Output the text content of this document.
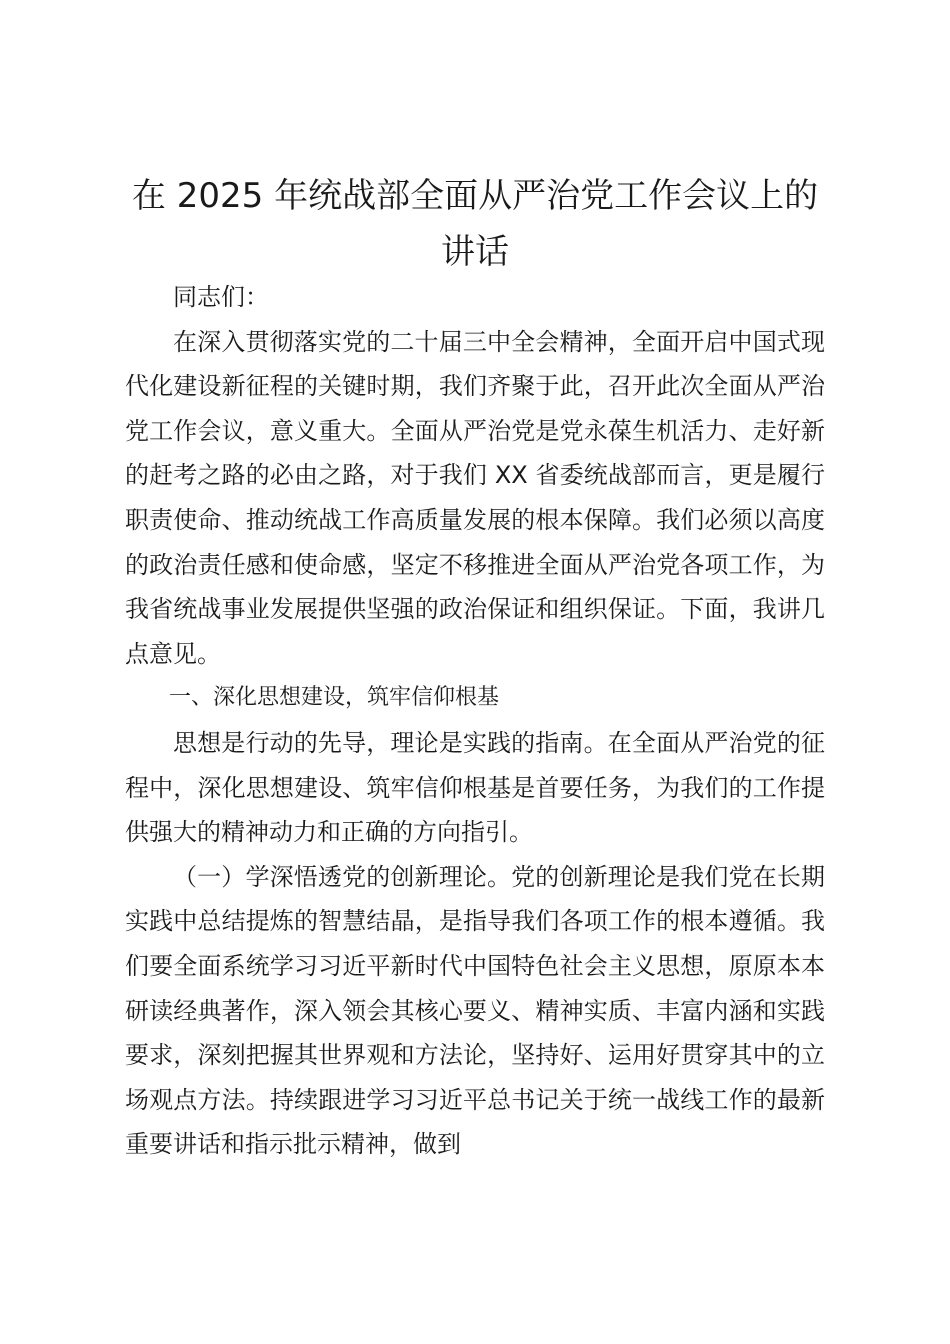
在 2025 年统战部全面从严治党工作会议上的讲话

同志们：

在深入贯彻落实党的二十届三中全会精神，全面开启中国式现代化建设新征程的关键时期，我们齐聚于此，召开此次全面从严治党工作会议，意义重大。全面从严治党是党永葆生机活力、走好新的赶考之路的必由之路，对于我们 XX 省委统战部而言，更是履行职责使命、推动统战工作高质量发展的根本保障。我们必须以高度的政治责任感和使命感，坚定不移推进全面从严治党各项工作，为我省统战事业发展提供坚强的政治保证和组织保证。下面，我讲几点意见。

一、深化思想建设，筑牢信仰根基

思想是行动的先导，理论是实践的指南。在全面从严治党的征程中，深化思想建设、筑牢信仰根基是首要任务，为我们的工作提供强大的精神动力和正确的方向指引。

（一）学深悟透党的创新理论。党的创新理论是我们党在长期实践中总结提炼的智慧结晶，是指导我们各项工作的根本遵循。我们要全面系统学习习近平新时代中国特色社会主义思想，原原本本研读经典著作，深入领会其核心要义、精神实质、丰富内涵和实践要求，深刻把握其世界观和方法论，坚持好、运用好贯穿其中的立场观点方法。持续跟进学习习近平总书记关于统一战线工作的最新重要讲话和指示批示精神，做到
